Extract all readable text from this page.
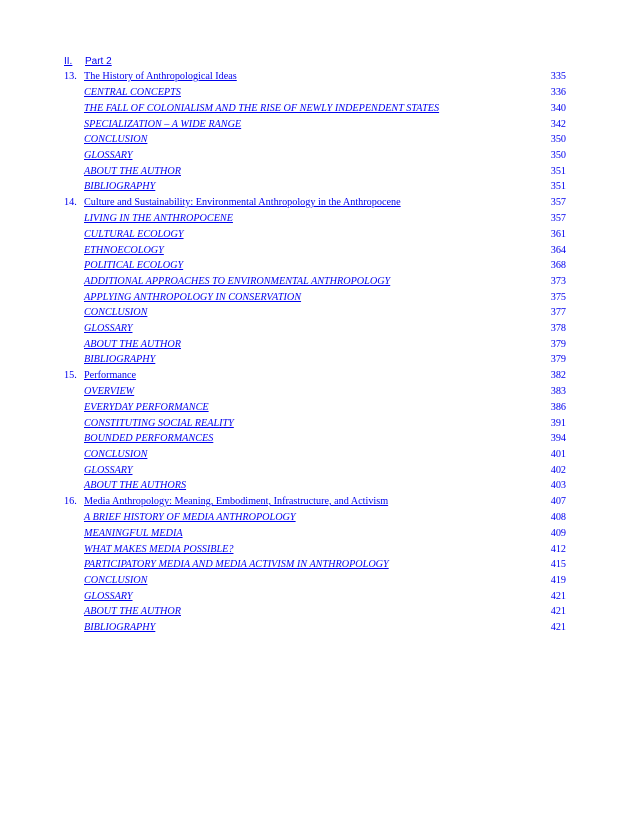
II.	Part 2
13. The History of Anthropological Ideas	335
CENTRAL CONCEPTS	336
THE FALL OF COLONIALISM AND THE RISE OF NEWLY INDEPENDENT STATES	340
SPECIALIZATION – A WIDE RANGE	342
CONCLUSION	350
GLOSSARY	350
ABOUT THE AUTHOR	351
BIBLIOGRAPHY	351
14. Culture and Sustainability: Environmental Anthropology in the Anthropocene	357
LIVING IN THE ANTHROPOCENE	357
CULTURAL ECOLOGY	361
ETHNOECOLOGY	364
POLITICAL ECOLOGY	368
ADDITIONAL APPROACHES TO ENVIRONMENTAL ANTHROPOLOGY	373
APPLYING ANTHROPOLOGY IN CONSERVATION	375
CONCLUSION	377
GLOSSARY	378
ABOUT THE AUTHOR	379
BIBLIOGRAPHY	379
15. Performance	382
OVERVIEW	383
EVERYDAY PERFORMANCE	386
CONSTITUTING SOCIAL REALITY	391
BOUNDED PERFORMANCES	394
CONCLUSION	401
GLOSSARY	402
ABOUT THE AUTHORS	403
16. Media Anthropology: Meaning, Embodiment, Infrastructure, and Activism	407
A BRIEF HISTORY OF MEDIA ANTHROPOLOGY	408
MEANINGFUL MEDIA	409
WHAT MAKES MEDIA POSSIBLE?	412
PARTICIPATORY MEDIA AND MEDIA ACTIVISM IN ANTHROPOLOGY	415
CONCLUSION	419
GLOSSARY	421
ABOUT THE AUTHOR	421
BIBLIOGRAPHY	421
